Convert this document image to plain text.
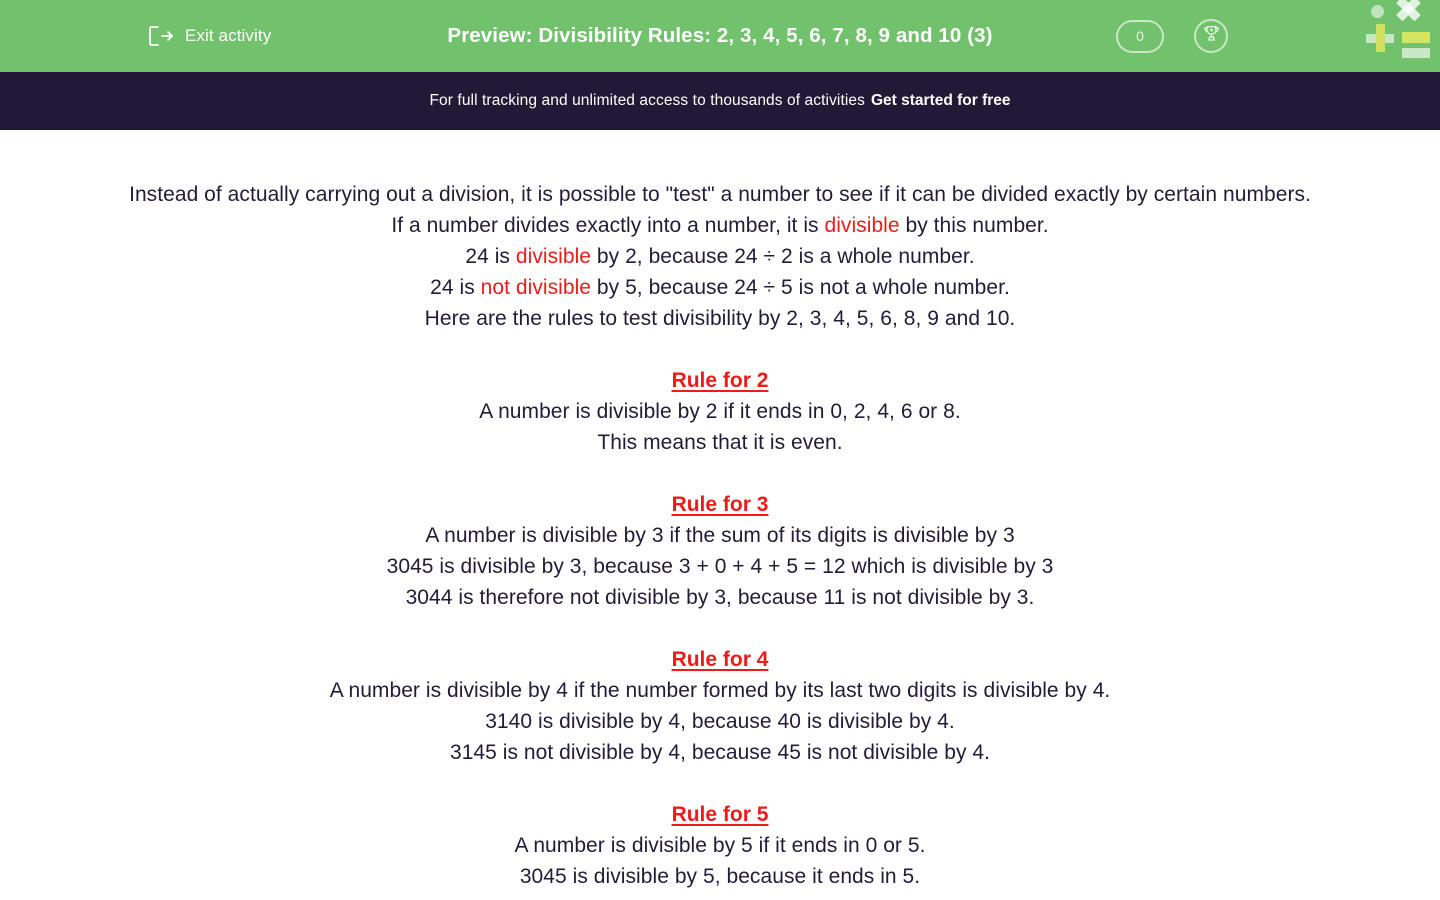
Exit activity	Preview: Divisibility Rules: 2, 3, 4, 5, 6, 7, 8, 9 and 10 (3)	0
For full tracking and unlimited access to thousands of activities Get started for free
Instead of actually carrying out a division, it is possible to "test" a number to see if it can be divided exactly by certain numbers.
If a number divides exactly into a number, it is divisible by this number.
24 is divisible by 2, because 24 ÷ 2 is a whole number.
24 is not divisible by 5, because 24 ÷ 5 is not a whole number.
Here are the rules to test divisibility by 2, 3, 4, 5, 6, 8, 9 and 10.
Rule for 2
A number is divisible by 2 if it ends in 0, 2, 4, 6 or 8.
This means that it is even.
Rule for 3
A number is divisible by 3 if the sum of its digits is divisible by 3
3045 is divisible by 3, because 3 + 0 + 4 + 5 = 12 which is divisible by 3
3044 is therefore not divisible by 3, because 11 is not divisible by 3.
Rule for 4
A number is divisible by 4 if the number formed by its last two digits is divisible by 4.
3140 is divisible by 4, because 40 is divisible by 4.
3145 is not divisible by 4, because 45 is not divisible by 4.
Rule for 5
A number is divisible by 5 if it ends in 0 or 5.
3045 is divisible by 5, because it ends in 5.
